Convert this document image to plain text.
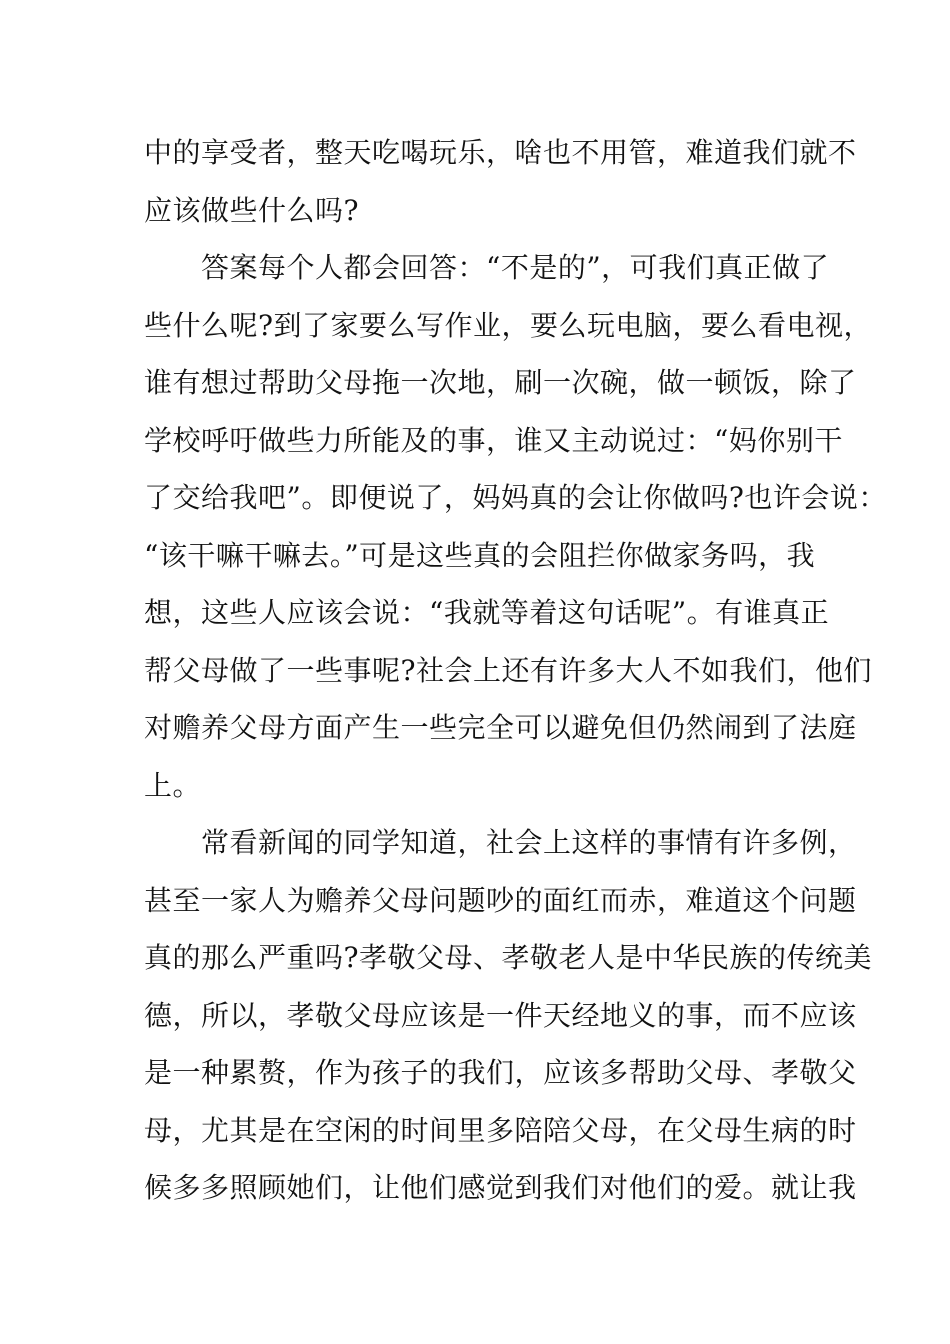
中的享受者，整天吃喝玩乐，啥也不用管，难道我们就不
应该做些什么吗?
　　答案每个人都会回答：“不是的”，可我们真正做了
些什么呢?到了家要么写作业，要么玩电脑，要么看电视，
谁有想过帮助父母拖一次地，刷一次碗，做一顿饭，除了
学校呼吁做些力所能及的事，谁又主动说过：“妈你别干
了交给我吧”。即便说了，妈妈真的会让你做吗?也许会说：
“该干嘛干嘛去。”可是这些真的会阻拦你做家务吗，我
想，这些人应该会说：“我就等着这句话呢”。有谁真正
帮父母做了一些事呢?社会上还有许多大人不如我们，他们
对赡养父母方面产生一些完全可以避免但仍然闹到了法庭
上。
　　常看新闻的同学知道，社会上这样的事情有许多例，
甚至一家人为赡养父母问题吵的面红而赤，难道这个问题
真的那么严重吗?孝敬父母、孝敬老人是中华民族的传统美
德，所以，孝敬父母应该是一件天经地义的事，而不应该
是一种累赘，作为孩子的我们，应该多帮助父母、孝敬父
母，尤其是在空闲的时间里多陪陪父母，在父母生病的时
候多多照顾她们，让他们感觉到我们对他们的爱。就让我
